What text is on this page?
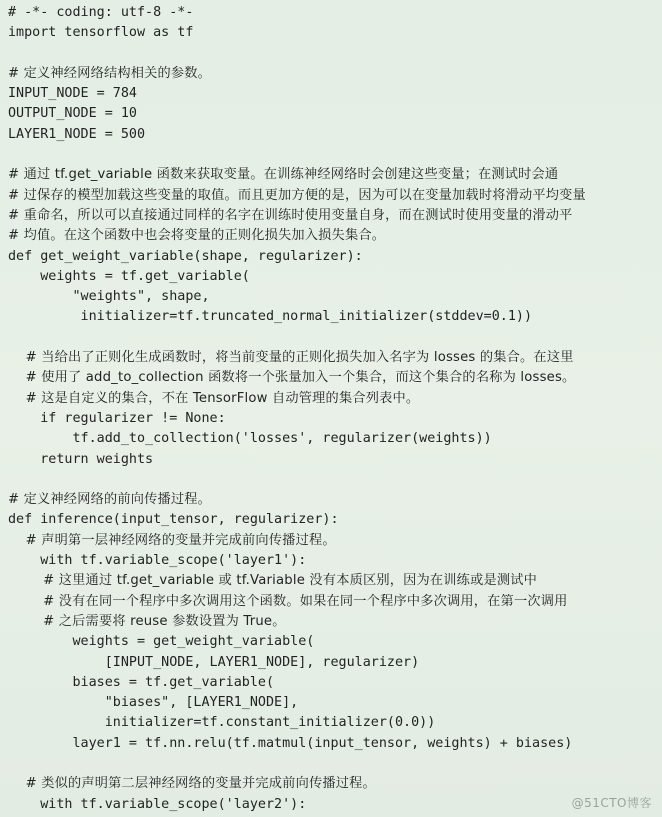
# -*- coding: utf-8 -*-
import tensorflow as tf
# 定义神经网络结构相关的参数。
INPUT_NODE = 784
OUTPUT_NODE = 10
LAYER1_NODE = 500
# 通过 tf.get_variable 函数来获取变量。在训练神经网络时会创建这些变量；在测试时会通
# 过保存的模型加载这些变量的取值。而且更加方便的是，因为可以在变量加载时将滑动平均变量
# 重命名，所以可以直接通过同样的名字在训练时使用变量自身，而在测试时使用变量的滑动平
# 均值。在这个函数中也会将变量的正则化损失加入损失集合。
def get_weight_variable(shape, regularizer):
weights = tf.get_variable(
"weights", shape,
initializer=tf.truncated_normal_initializer(stddev=0.1))
# 当给出了正则化生成函数时，将当前变量的正则化损失加入名字为 losses 的集合。在这里
# 使用了 add_to_collection 函数将一个张量加入一个集合，而这个集合的名称为 losses。
# 这是自定义的集合，不在 TensorFlow 自动管理的集合列表中。
if regularizer != None:
tf.add_to_collection('losses', regularizer(weights))
return weights
# 定义神经网络的前向传播过程。
def inference(input_tensor, regularizer):
# 声明第一层神经网络的变量并完成前向传播过程。
with tf.variable_scope('layer1'):
# 这里通过 tf.get_variable 或 tf.Variable 没有本质区别，因为在训练或是测试中
# 没有在同一个程序中多次调用这个函数。如果在同一个程序中多次调用，在第一次调用
# 之后需要将 reuse 参数设置为 True。
weights = get_weight_variable(
[INPUT_NODE, LAYER1_NODE], regularizer)
biases = tf.get_variable(
"biases", [LAYER1_NODE],
initializer=tf.constant_initializer(0.0))
layer1 = tf.nn.relu(tf.matmul(input_tensor, weights) + biases)
# 类似的声明第二层神经网络的变量并完成前向传播过程。
with tf.variable_scope('layer2'):	@51CTO博客
